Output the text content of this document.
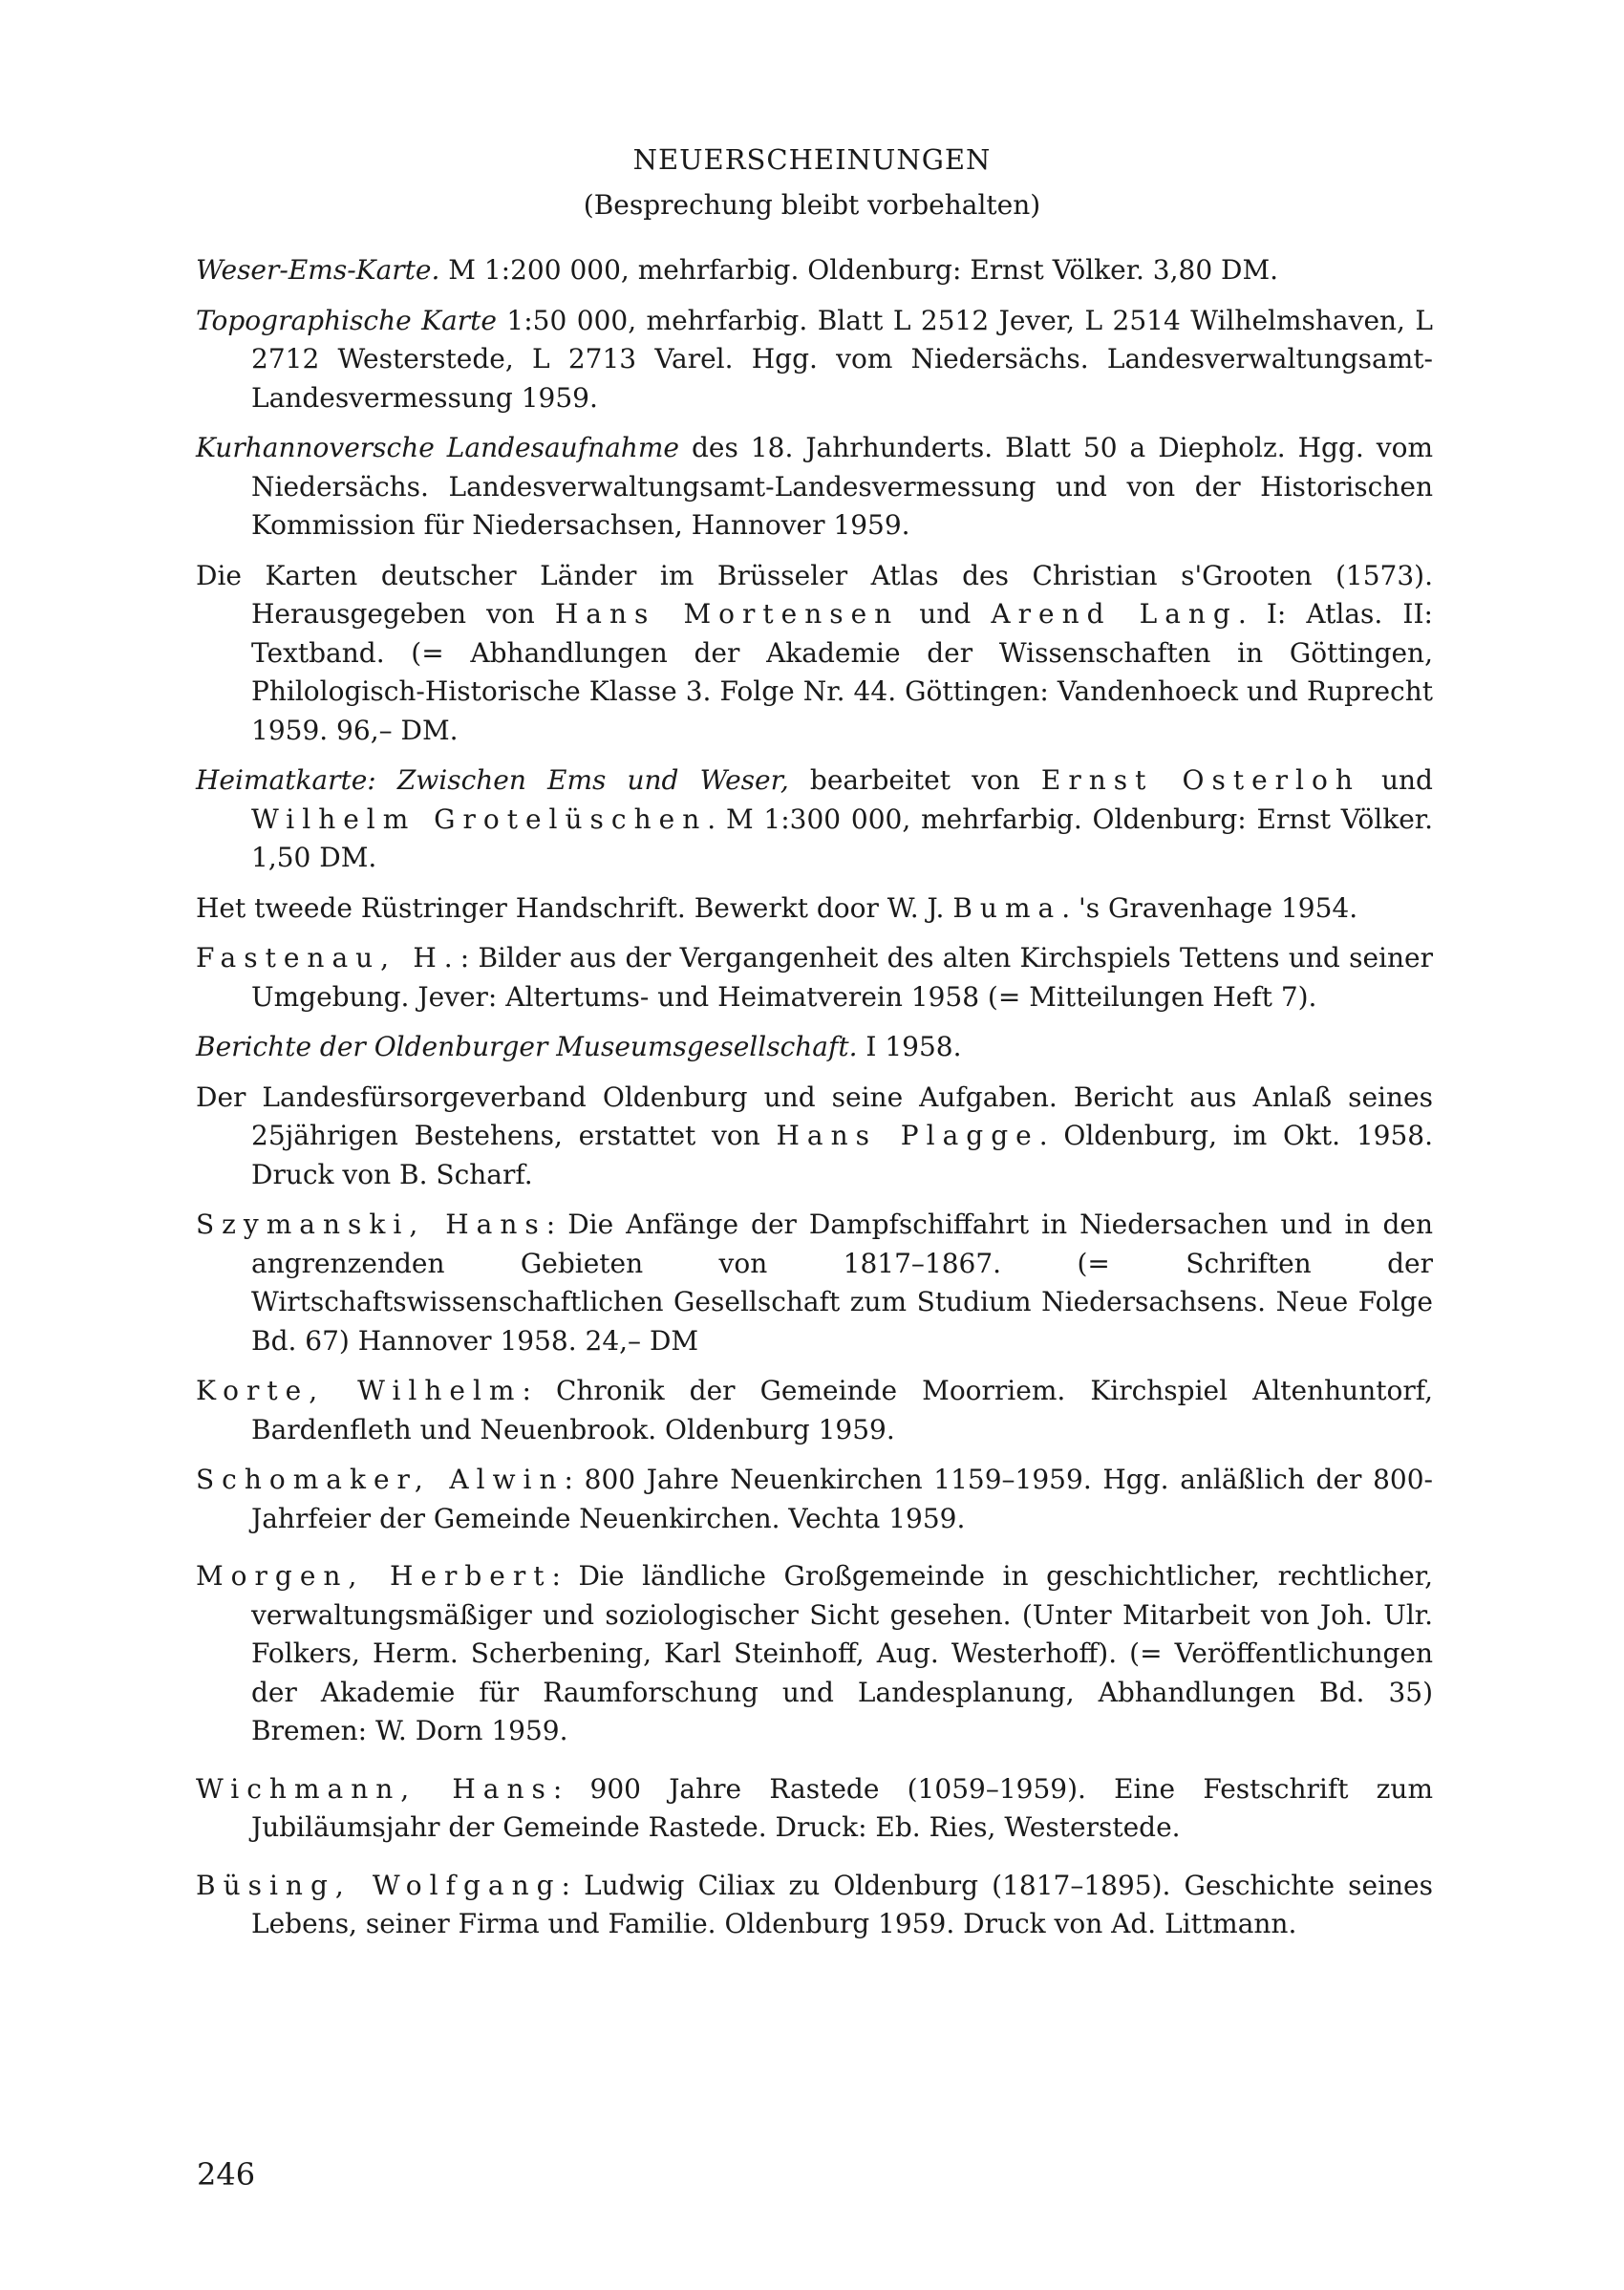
NEUERSCHEINUNGEN
(Besprechung bleibt vorbehalten)

Weser-Ems-Karte. M 1:200 000, mehrfarbig. Oldenburg: Ernst Völker. 3,80 DM.

Topographische Karte 1:50 000, mehrfarbig. Blatt L 2512 Jever, L 2514 Wilhelmshaven, L 2712 Westerstede, L 2713 Varel. Hgg. vom Niedersächs. Landesverwaltungsamt-Landesvermessung 1959.

Kurhannoversche Landesaufnahme des 18. Jahrhunderts. Blatt 50 a Diepholz. Hgg. vom Niedersächs. Landesverwaltungsamt-Landesvermessung und von der Historischen Kommission für Niedersachsen, Hannover 1959.

Die Karten deutscher Länder im Brüsseler Atlas des Christian s'Grooten (1573). Herausgegeben von Hans Mortensen und Arend Lang. I: Atlas. II: Textband. (= Abhandlungen der Akademie der Wissenschaften in Göttingen, Philologisch-Historische Klasse 3. Folge Nr. 44. Göttingen: Vandenhoeck und Ruprecht 1959. 96,– DM.

Heimatkarte: Zwischen Ems und Weser, bearbeitet von Ernst Osterloh und Wilhelm Grotelüschen. M 1:300 000, mehrfarbig. Oldenburg: Ernst Völker. 1,50 DM.

Het tweede Rüstringer Handschrift. Bewerkt door W. J. Buma. 's Gravenhage 1954.

Fastenau, H.: Bilder aus der Vergangenheit des alten Kirchspiels Tettens und seiner Umgebung. Jever: Altertums- und Heimatverein 1958 (= Mitteilungen Heft 7).

Berichte der Oldenburger Museumsgesellschaft. I 1958.

Der Landesfürsorgeverband Oldenburg und seine Aufgaben. Bericht aus Anlaß seines 25jährigen Bestehens, erstattet von Hans Plagge. Oldenburg, im Okt. 1958. Druck von B. Scharf.

Szymanski, Hans: Die Anfänge der Dampfschiffahrt in Niedersachen und in den angrenzenden Gebieten von 1817–1867. (= Schriften der Wirtschaftswissenschaftlichen Gesellschaft zum Studium Niedersachsens. Neue Folge Bd. 67) Hannover 1958. 24,– DM

Korte, Wilhelm: Chronik der Gemeinde Moorriem. Kirchspiel Altenhuntorf, Bardenfleth und Neuenbrook. Oldenburg 1959.

Schomaker, Alwin: 800 Jahre Neuenkirchen 1159–1959. Hgg. anläßlich der 800-Jahrfeier der Gemeinde Neuenkirchen. Vechta 1959.

Morgen, Herbert: Die ländliche Großgemeinde in geschichtlicher, rechtlicher, verwaltungsmäßiger und soziologischer Sicht gesehen. (Unter Mitarbeit von Joh. Ulr. Folkers, Herm. Scherbening, Karl Steinhoff, Aug. Westerhoff). (= Veröffentlichungen der Akademie für Raumforschung und Landesplanung, Abhandlungen Bd. 35) Bremen: W. Dorn 1959.

Wichmann, Hans: 900 Jahre Rastede (1059–1959). Eine Festschrift zum Jubiläumsjahr der Gemeinde Rastede. Druck: Eb. Ries, Westerstede.

Büsing, Wolfgang: Ludwig Ciliax zu Oldenburg (1817–1895). Geschichte seines Lebens, seiner Firma und Familie. Oldenburg 1959. Druck von Ad. Littmann.

246
